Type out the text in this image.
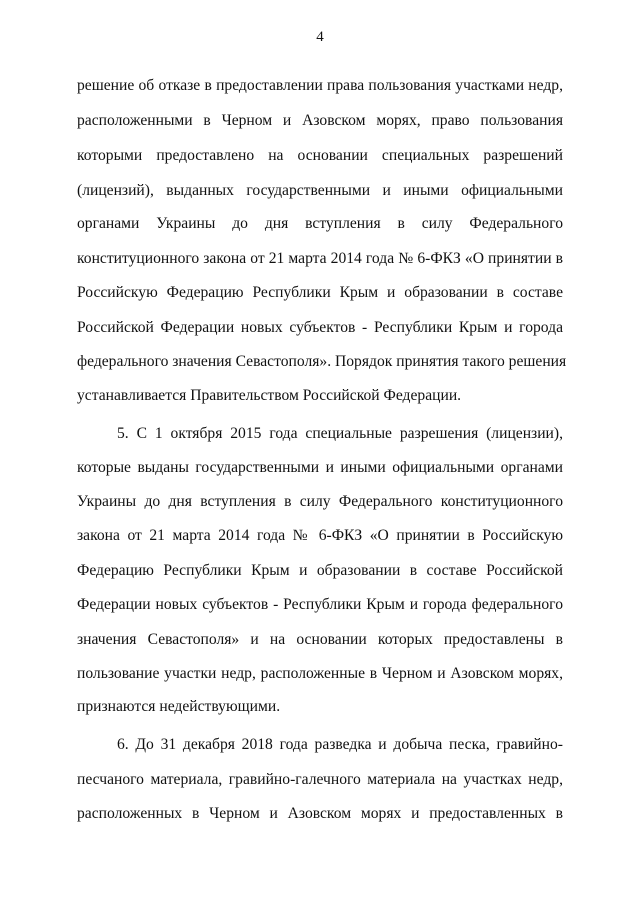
4
решение об отказе в предоставлении права пользования участками недр,
расположенными в Черном и Азовском морях, право пользования
которыми предоставлено на основании специальных разрешений
(лицензий), выданных государственными и иными официальными
органами Украины до дня вступления в силу Федерального
конституционного закона от 21 марта 2014 года № 6-ФКЗ «О принятии в
Российскую Федерацию Республики Крым и образовании в составе
Российской Федерации новых субъектов - Республики Крым и города
федерального значения Севастополя». Порядок принятия такого решения
устанавливается Правительством Российской Федерации.
5. С 1 октября 2015 года специальные разрешения (лицензии),
которые выданы государственными и иными официальными органами
Украины до дня вступления в силу Федерального конституционного
закона от 21 марта 2014 года № 6-ФКЗ «О принятии в Российскую
Федерацию Республики Крым и образовании в составе Российской
Федерации новых субъектов - Республики Крым и города федерального
значения Севастополя» и на основании которых предоставлены в
пользование участки недр, расположенные в Черном и Азовском морях,
признаются недействующими.
6. До 31 декабря 2018 года разведка и добыча песка, гравийно-
песчаного материала, гравийно-галечного материала на участках недр,
расположенных в Черном и Азовском морях и предоставленных в
